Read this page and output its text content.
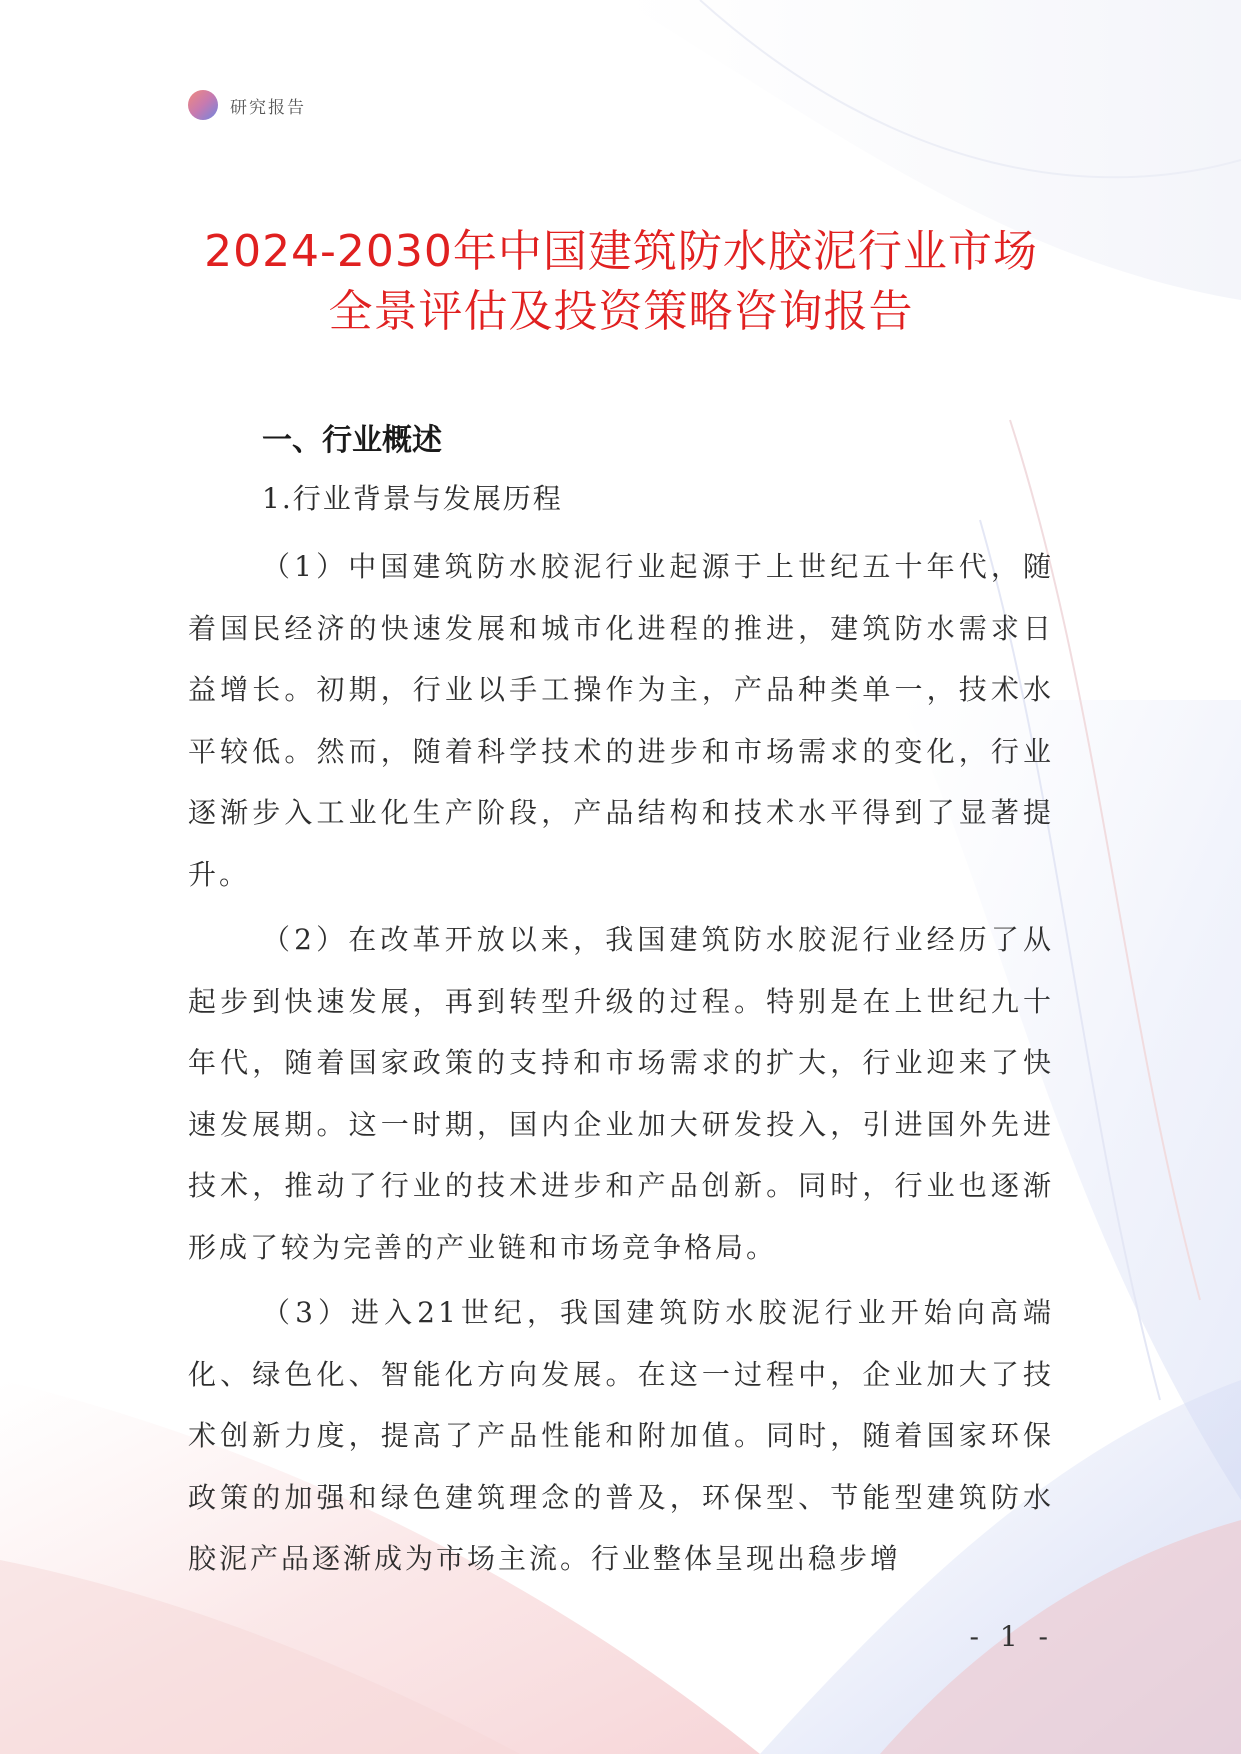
研究报告
2024-2030年中国建筑防水胶泥行业市场全景评估及投资策略咨询报告
一、行业概述
1.行业背景与发展历程

（1）中国建筑防水胶泥行业起源于上世纪五十年代，随着国民经济的快速发展和城市化进程的推进，建筑防水需求日益增长。初期，行业以手工操作为主，产品种类单一，技术水平较低。然而，随着科学技术的进步和市场需求的变化，行业逐渐步入工业化生产阶段，产品结构和技术水平得到了显著提升。

（2）在改革开放以来，我国建筑防水胶泥行业经历了从起步到快速发展，再到转型升级的过程。特别是在上世纪九十年代，随着国家政策的支持和市场需求的扩大，行业迎来了快速发展期。这一时期，国内企业加大研发投入，引进国外先进技术，推动了行业的技术进步和产品创新。同时，行业也逐渐形成了较为完善的产业链和市场竞争格局。

（3）进入21世纪，我国建筑防水胶泥行业开始向高端化、绿色化、智能化方向发展。在这一过程中，企业加大了技术创新力度，提高了产品性能和附加值。同时，随着国家环保政策的加强和绿色建筑理念的普及，环保型、节能型建筑防水胶泥产品逐渐成为市场主流。行业整体呈现出稳步增

- 1 -
